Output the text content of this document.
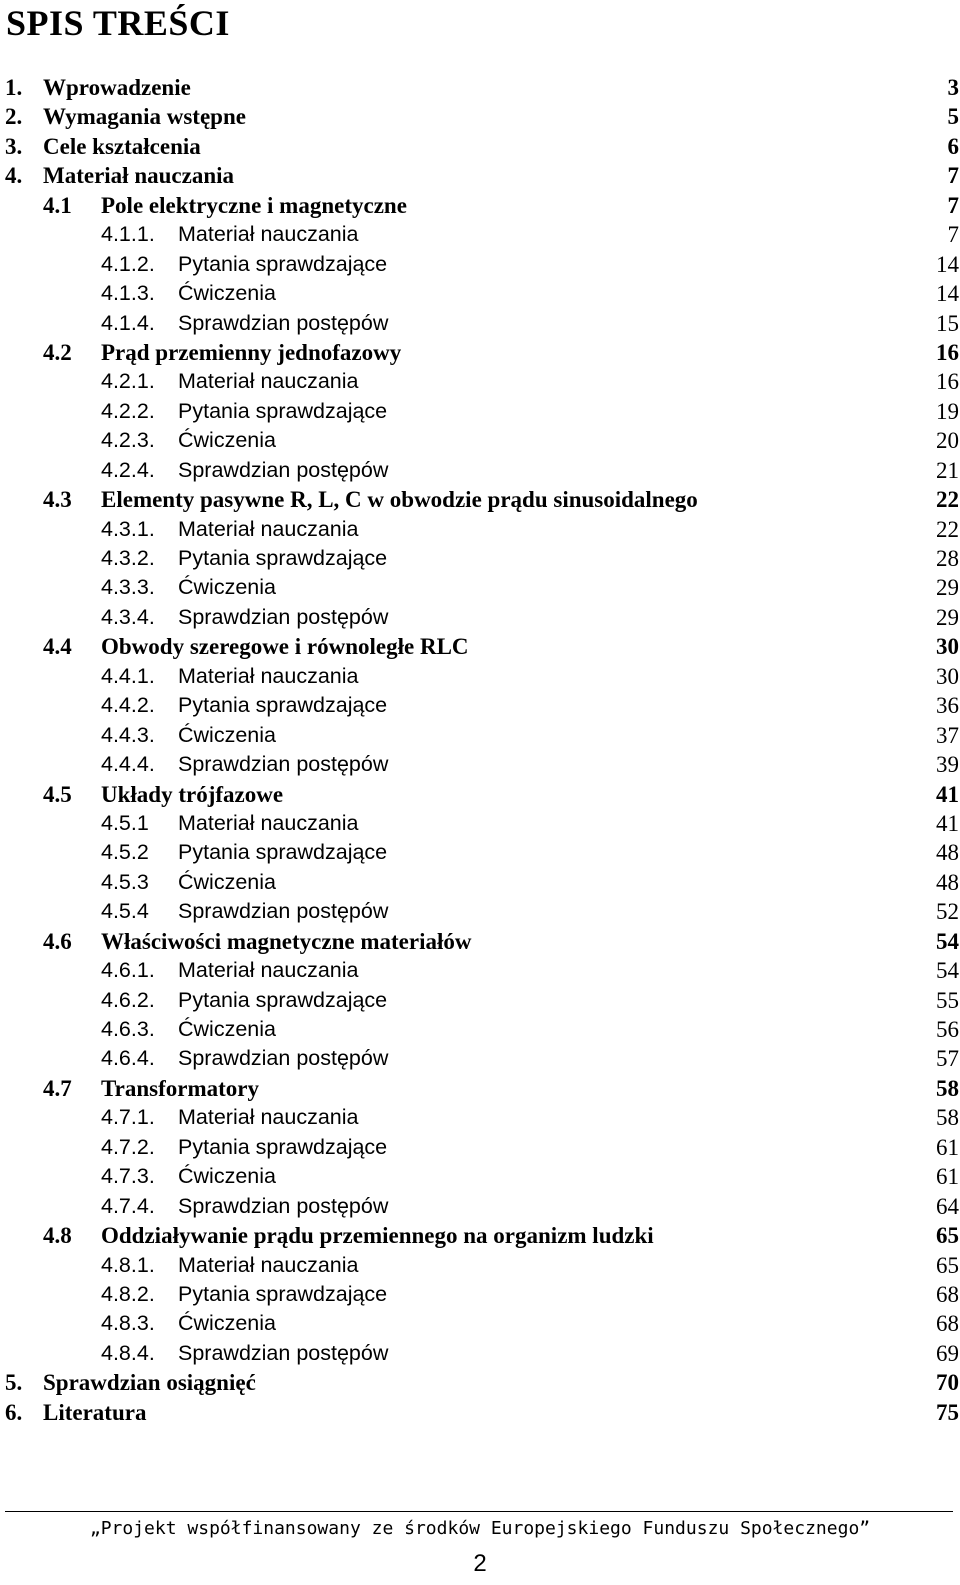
SPIS TREŚCI
1. Wprowadzenie	3
2. Wymagania wstępne	5
3. Cele kształcenia	6
4. Materiał nauczania	7
4.1 Pole elektryczne i magnetyczne	7
4.1.1. Materiał nauczania	7
4.1.2. Pytania sprawdzające	14
4.1.3. Ćwiczenia	14
4.1.4. Sprawdzian postępów	15
4.2 Prąd przemienny jednofazowy	16
4.2.1. Materiał nauczania	16
4.2.2. Pytania sprawdzające	19
4.2.3. Ćwiczenia	20
4.2.4. Sprawdzian postępów	21
4.3 Elementy pasywne R, L, C w obwodzie prądu sinusoidalnego	22
4.3.1. Materiał nauczania	22
4.3.2. Pytania sprawdzające	28
4.3.3. Ćwiczenia	29
4.3.4. Sprawdzian postępów	29
4.4 Obwody szeregowe i równoległe RLC	30
4.4.1. Materiał nauczania	30
4.4.2. Pytania sprawdzające	36
4.4.3. Ćwiczenia	37
4.4.4. Sprawdzian postępów	39
4.5 Układy trójfazowe	41
4.5.1 Materiał nauczania	41
4.5.2 Pytania sprawdzające	48
4.5.3 Ćwiczenia	48
4.5.4 Sprawdzian postępów	52
4.6 Właściwości magnetyczne materiałów	54
4.6.1. Materiał nauczania	54
4.6.2. Pytania sprawdzające	55
4.6.3. Ćwiczenia	56
4.6.4. Sprawdzian postępów	57
4.7 Transformatory	58
4.7.1. Materiał nauczania	58
4.7.2. Pytania sprawdzające	61
4.7.3. Ćwiczenia	61
4.7.4. Sprawdzian postępów	64
4.8 Oddziaływanie prądu przemiennego na organizm ludzki	65
4.8.1. Materiał nauczania	65
4.8.2. Pytania sprawdzające	68
4.8.3. Ćwiczenia	68
4.8.4. Sprawdzian postępów	69
5. Sprawdzian osiągnięć	70
6. Literatura	75
„Projekt współfinansowany ze środków Europejskiego Funduszu Społecznego”
2
